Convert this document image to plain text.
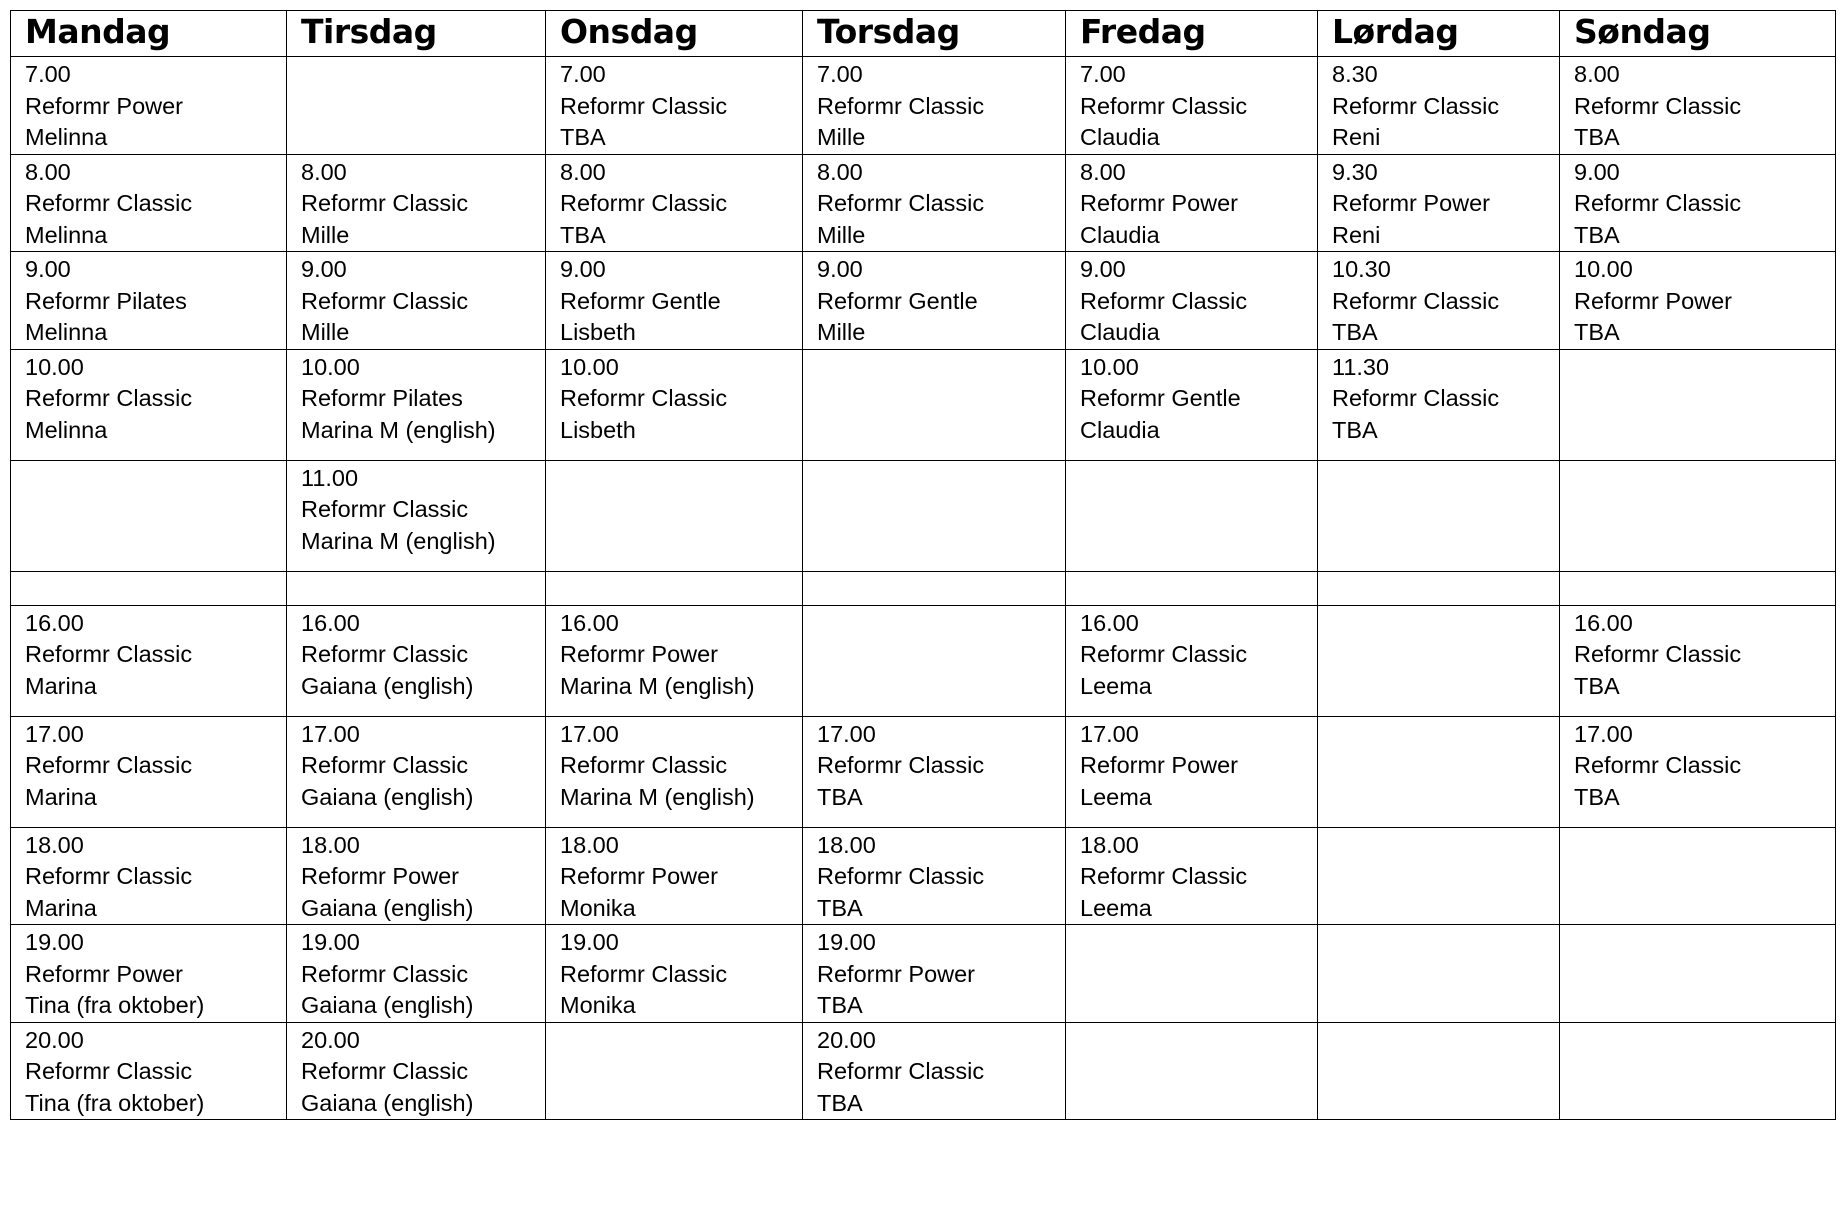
Mandag	Tirsdag	Onsdag	Torsdag	Fredag	Lørdag	Søndag

7.00
Reformr Power
Melinna		7.00
Reformr Classic
TBA	7.00
Reformr Classic
Mille	7.00
Reformr Classic
Claudia	8.30
Reformr Classic
Reni	8.00
Reformr Classic
TBA

8.00
Reformr Classic
Melinna	8.00
Reformr Classic
Mille	8.00
Reformr Classic
TBA	8.00
Reformr Classic
Mille	8.00
Reformr Power
Claudia	9.30
Reformr Power
Reni	9.00
Reformr Classic
TBA

9.00
Reformr Pilates
Melinna	9.00
Reformr Classic
Mille	9.00
Reformr Gentle
Lisbeth	9.00
Reformr Gentle
Mille	9.00
Reformr Classic
Claudia	10.30
Reformr Classic
TBA	10.00
Reformr Power
TBA

10.00
Reformr Classic
Melinna	10.00
Reformr Pilates
Marina M (english)	10.00
Reformr Classic
Lisbeth		10.00
Reformr Gentle
Claudia	11.30
Reformr Classic
TBA	

	11.00
Reformr Classic
Marina M (english)					

16.00
Reformr Classic
Marina	16.00
Reformr Classic
Gaiana (english)	16.00
Reformr Power
Marina M (english)		16.00
Reformr Classic
Leema		16.00
Reformr Classic
TBA

17.00
Reformr Classic
Marina	17.00
Reformr Classic
Gaiana (english)	17.00
Reformr Classic
Marina M (english)	17.00
Reformr Classic
TBA	17.00
Reformr Power
Leema		17.00
Reformr Classic
TBA

18.00
Reformr Classic
Marina	18.00
Reformr Power
Gaiana (english)	18.00
Reformr Power
Monika	18.00
Reformr Classic
TBA	18.00
Reformr Classic
Leema		

19.00
Reformr Power
Tina (fra oktober)	19.00
Reformr Classic
Gaiana (english)	19.00
Reformr Classic
Monika	19.00
Reformr Power
TBA			

20.00
Reformr Classic
Tina (fra oktober)	20.00
Reformr Classic
Gaiana (english)		20.00
Reformr Classic
TBA			
